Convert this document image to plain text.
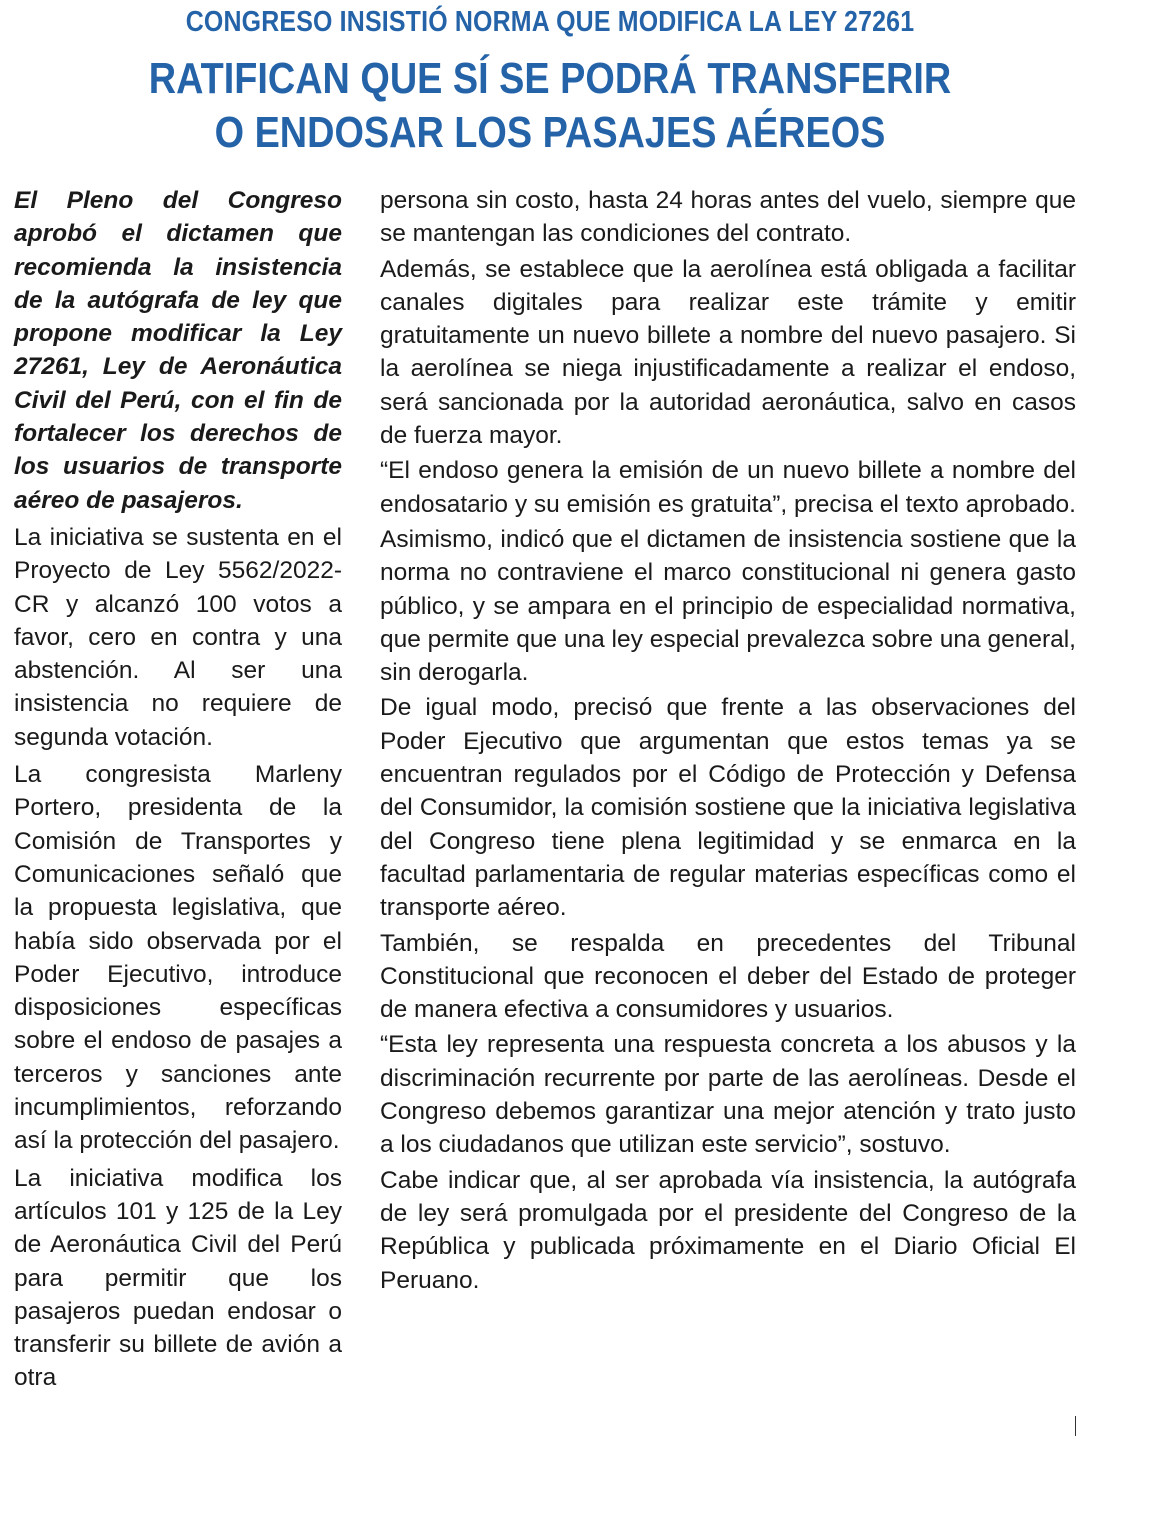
CONGRESO INSISTIÓ NORMA QUE MODIFICA LA LEY 27261
RATIFICAN QUE SÍ SE PODRÁ TRANSFERIR
O ENDOSAR LOS PASAJES AÉREOS

El Pleno del Congreso aprobó el dictamen que recomienda la insistencia de la autógrafa de ley que propone modificar la Ley 27261, Ley de Aeronáutica Civil del Perú, con el fin de fortalecer los derechos de los usuarios de transporte aéreo de pasajeros.

La iniciativa se sustenta en el Proyecto de Ley 5562/2022-CR y alcanzó 100 votos a favor, cero en contra y una abstención. Al ser una insistencia no requiere de segunda votación.

La congresista Marleny Portero, presidenta de la Comisión de Transportes y Comunicaciones señaló que la propuesta legislativa, que había sido observada por el Poder Ejecutivo, introduce disposiciones específicas sobre el endoso de pasajes a terceros y sanciones ante incumplimientos, reforzando así la protección del pasajero.

La iniciativa modifica los artículos 101 y 125 de la Ley de Aeronáutica Civil del Perú para permitir que los pasajeros puedan endosar o transferir su billete de avión a otra

persona sin costo, hasta 24 horas antes del vuelo, siempre que se mantengan las condiciones del contrato.

Además, se establece que la aerolínea está obligada a facilitar canales digitales para realizar este trámite y emitir gratuitamente un nuevo billete a nombre del nuevo pasajero. Si la aerolínea se niega injustificadamente a realizar el endoso, será sancionada por la autoridad aeronáutica, salvo en casos de fuerza mayor.

“El endoso genera la emisión de un nuevo billete a nombre del endosatario y su emisión es gratuita”, precisa el texto aprobado.

Asimismo, indicó que el dictamen de insistencia sostiene que la norma no contraviene el marco constitucional ni genera gasto público, y se ampara en el principio de especialidad normativa, que permite que una ley especial prevalezca sobre una general, sin derogarla.

De igual modo, precisó que frente a las observaciones del Poder Ejecutivo que argumentan que estos temas ya se encuentran regulados por el Código de Protección y Defensa del Consumidor, la comisión sostiene que la iniciativa legislativa del Congreso tiene plena legitimidad y se enmarca en la facultad parlamentaria de regular materias específicas como el transporte aéreo.

También, se respalda en precedentes del Tribunal Constitucional que reconocen el deber del Estado de proteger de manera efectiva a consumidores y usuarios.

“Esta ley representa una respuesta concreta a los abusos y la discriminación recurrente por parte de las aerolíneas. Desde el Congreso debemos garantizar una mejor atención y trato justo a los ciudadanos que utilizan este servicio”, sostuvo.

Cabe indicar que, al ser aprobada vía insistencia, la autógrafa de ley será promulgada por el presidente del Congreso de la República y publicada próximamente en el Diario Oficial El Peruano.
